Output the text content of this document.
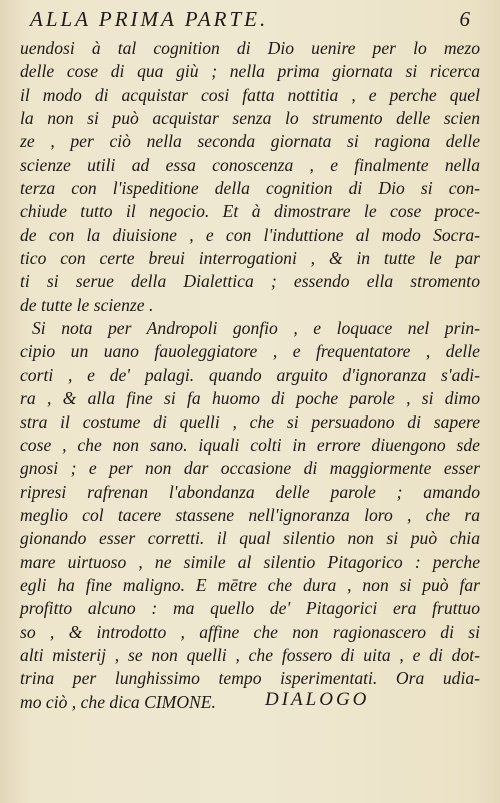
ALLA PRIMA PARTE.	6
uendosi à tal cognition di Dio uenire per lo mezo
delle cose di qua giù ; nella prima giornata si ricerca
il modo di acquistar cosi fatta nottitia , e perche quel
la non si può acquistar senza lo strumento delle scien
ze , per ciò nella seconda giornata si ragiona delle
scienze utili ad essa conoscenza , e finalmente nella
terza con l'ispeditione della cognition di Dio si con-
chiude tutto il negocio. Et à dimostrare le cose proce-
de con la diuisione , e con l'induttione al modo Socra-
tico con certe breui interrogationi , & in tutte le par
ti si serue della Dialettica ; essendo ella stromento
de tutte le scienze .
Si nota per Andropoli gonfio , e loquace nel prin-
cipio un uano fauoleggiatore , e frequentatore , delle
corti , e de' palagi. quando arguito d'ignoranza s'adi-
ra , & alla fine si fa huomo di poche parole , si dimo
stra il costume di quelli , che si persuadono di sapere
cose , che non sano. iquali colti in errore diuengono sde
gnosi ; e per non dar occasione di maggiormente esser
ripresi rafrenan l'abondanza delle parole ; amando
meglio col tacere stassene nell'ignoranza loro , che ra
gionando esser corretti. il qual silentio non si può chia
mare uirtuoso , ne simile al silentio Pitagorico : perche
egli ha fine maligno. E mētre che dura , non si può far
profitto alcuno : ma quello de' Pitagorici era fruttuo
so , & introdotto , affine che non ragionascero di si
alti misterij , se non quelli , che fossero di uita , e di dot-
trina per lunghissimo tempo isperimentati. Ora udia-
mo ciò , che dica CIMONE.	DIALOGO
